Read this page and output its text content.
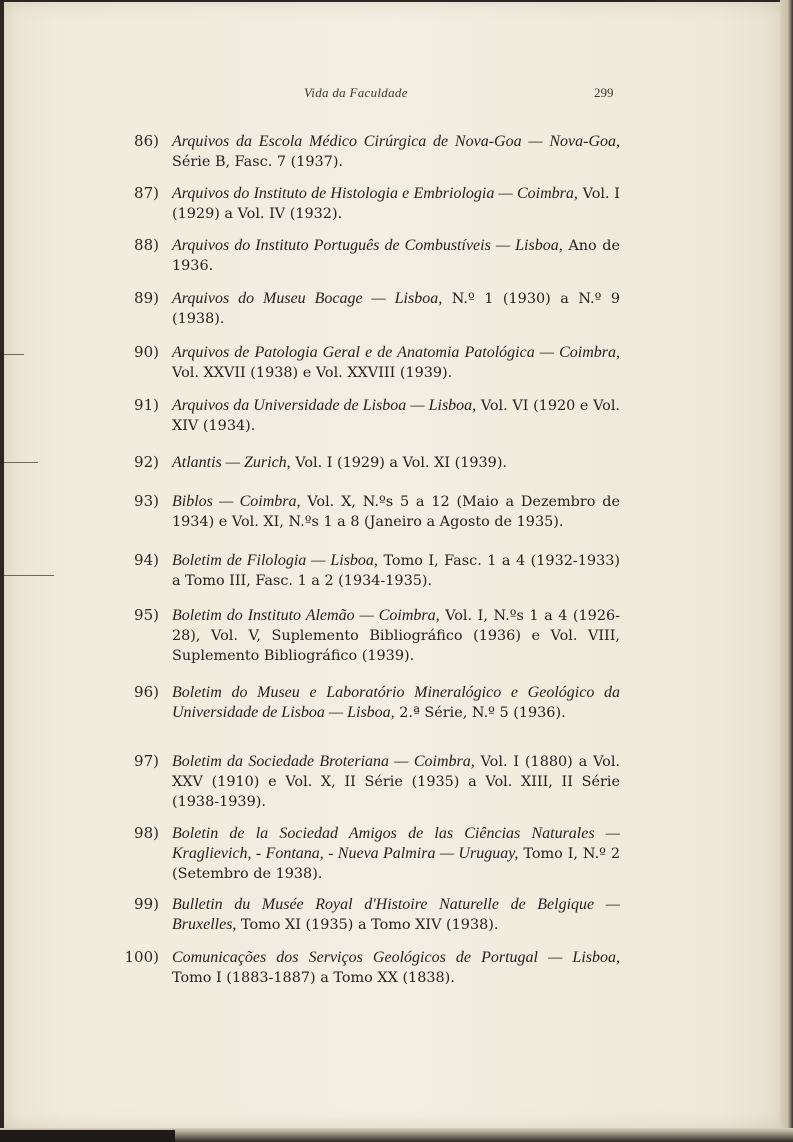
Vida da Faculdade	299
86) Arquivos da Escola Médico Cirúrgica de Nova-Goa — Nova-Goa, Série B, Fasc. 7 (1937).
87) Arquivos do Instituto de Histologia e Embriologia — Coimbra, Vol. I (1929) a Vol. IV (1932).
88) Arquivos do Instituto Português de Combustíveis — Lisboa, Ano de 1936.
89) Arquivos do Museu Bocage — Lisboa, N.º 1 (1930) a N.º 9 (1938).
90) Arquivos de Patologia Geral e de Anatomia Patológica — Coimbra, Vol. XXVII (1938) e Vol. XXVIII (1939).
91) Arquivos da Universidade de Lisboa — Lisboa, Vol. VI (1920 e Vol. XIV (1934).
92) Atlantis — Zurich, Vol. I (1929) a Vol. XI (1939).
93) Biblos — Coimbra, Vol. X, N.ºs 5 a 12 (Maio a Dezembro de 1934) e Vol. XI, N.ºs 1 a 8 (Janeiro a Agosto de 1935).
94) Boletim de Filologia — Lisboa, Tomo I, Fasc. 1 a 4 (1932-1933) a Tomo III, Fasc. 1 a 2 (1934-1935).
95) Boletim do Instituto Alemão — Coimbra, Vol. I, N.ºs 1 a 4 (1926-28), Vol. V, Suplemento Bibliográfico (1936) e Vol. VIII, Suplemento Bibliográfico (1939).
96) Boletim do Museu e Laboratório Mineralógico e Geológico da Universidade de Lisboa — Lisboa, 2.ª Série, N.º 5 (1936).
97) Boletim da Sociedade Broteriana — Coimbra, Vol. I (1880) a Vol. XXV (1910) e Vol. X, II Série (1935) a Vol. XIII, II Série (1938-1939).
98) Boletin de la Sociedad Amigos de las Ciências Naturales — Kraglievich, - Fontana, - Nueva Palmira — Uruguay, Tomo I, N.º 2 (Setembro de 1938).
99) Bulletin du Musée Royal d'Histoire Naturelle de Belgique — Bruxelles, Tomo XI (1935) a Tomo XIV (1938).
100) Comunicações dos Serviços Geológicos de Portugal — Lisboa, Tomo I (1883-1887) a Tomo XX (1838).
